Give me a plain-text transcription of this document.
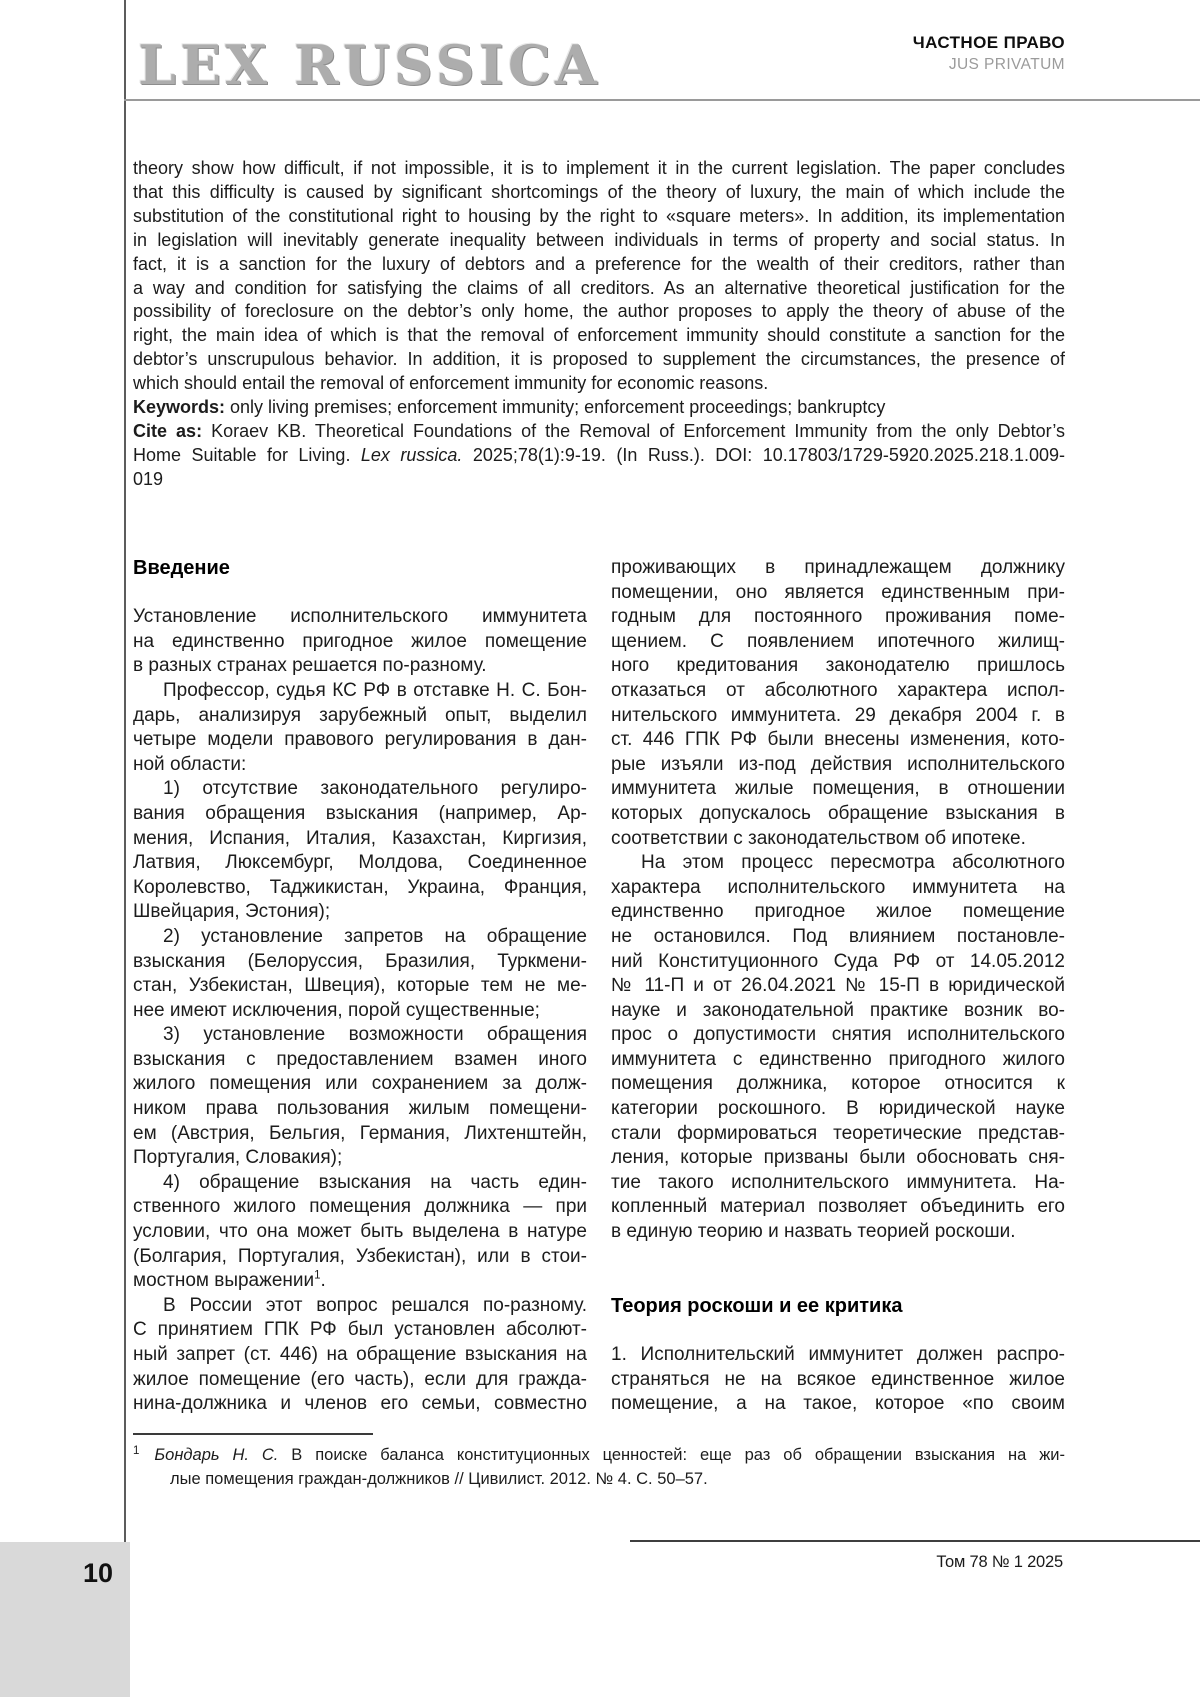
LEX RUSSICA	ЧАСТНОЕ ПРАВО
JUS PRIVATUM
theory show how difficult, if not impossible, it is to implement it in the current legislation. The paper concludes
that this difficulty is caused by significant shortcomings of the theory of luxury, the main of which include the
substitution of the constitutional right to housing by the right to «square meters». In addition, its implementation
in legislation will inevitably generate inequality between individuals in terms of property and social status. In
fact, it is a sanction for the luxury of debtors and a preference for the wealth of their creditors, rather than
a way and condition for satisfying the claims of all creditors. As an alternative theoretical justification for the
possibility of foreclosure on the debtor’s only home, the author proposes to apply the theory of abuse of the
right, the main idea of which is that the removal of enforcement immunity should constitute a sanction for the
debtor’s unscrupulous behavior. In addition, it is proposed to supplement the circumstances, the presence of
which should entail the removal of enforcement immunity for economic reasons.
Keywords: only living premises; enforcement immunity; enforcement proceedings; bankruptcy
Cite as: Koraev KB. Theoretical Foundations of the Removal of Enforcement Immunity from the only Debtor’s
Home Suitable for Living. Lex russica. 2025;78(1):9-19. (In Russ.). DOI: 10.17803/1729-5920.2025.218.1.009-
019
Введение

Установление исполнительского иммунитета
на единственно пригодное жилое помещение
в разных странах решается по-разному.
Профессор, судья КС РФ в отставке Н. С. Бон-
дарь, анализируя зарубежный опыт, выделил
четыре модели правового регулирования в дан-
ной области:
1) отсутствие законодательного регулиро-
вания обращения взыскания (например, Ар-
мения, Испания, Италия, Казахстан, Киргизия,
Латвия, Люксембург, Молдова, Соединенное
Королевство, Таджикистан, Украина, Франция,
Швейцария, Эстония);
2) установление запретов на обращение
взыскания (Белоруссия, Бразилия, Туркмени-
стан, Узбекистан, Швеция), которые тем не ме-
нее имеют исключения, порой существенные;
3) установление возможности обращения
взыскания с предоставлением взамен иного
жилого помещения или сохранением за долж-
ником права пользования жилым помещени-
ем (Австрия, Бельгия, Германия, Лихтенштейн,
Португалия, Словакия);
4) обращение взыскания на часть един-
ственного жилого помещения должника — при
условии, что она может быть выделена в натуре
(Болгария, Португалия, Узбекистан), или в стои-
мостном выражении$^1$.
В России этот вопрос решался по-разному.
С принятием ГПК РФ был установлен абсолют-
ный запрет (ст. 446) на обращение взыскания на
жилое помещение (его часть), если для гражда-
нина-должника и членов его семьи, совместно
проживающих в принадлежащем должнику
помещении, оно является единственным при-
годным для постоянного проживания поме-
щением. С появлением ипотечного жилищ-
ного кредитования законодателю пришлось
отказаться от абсолютного характера испол-
нительского иммунитета. 29 декабря 2004 г. в
ст. 446 ГПК РФ были внесены изменения, кото-
рые изъяли из-под действия исполнительского
иммунитета жилые помещения, в отношении
которых допускалось обращение взыскания в
соответствии с законодательством об ипотеке.
На этом процесс пересмотра абсолютного
характера исполнительского иммунитета на
единственно пригодное жилое помещение
не остановился. Под влиянием постановле-
ний Конституционного Суда РФ от 14.05.2012
№ 11-П и от 26.04.2021 № 15-П в юридической
науке и законодательной практике возник во-
прос о допустимости снятия исполнительского
иммунитета с единственно пригодного жилого
помещения должника, которое относится к
категории роскошного. В юридической науке
стали формироваться теоретические представ-
ления, которые призваны были обосновать сня-
тие такого исполнительского иммунитета. На-
копленный материал позволяет объединить его
в единую теорию и назвать теорией роскоши.

Теория роскоши и ее критика

1. Исполнительский иммунитет должен распро-
страняться не на всякое единственное жилое
помещение, а на такое, которое «по своим
$^1$ Бондарь Н. С. В поиске баланса конституционных ценностей: еще раз об обращении взыскания на жи-
лые помещения граждан-должников // Цивилист. 2012. № 4. С. 50–57.
10	Том 78 № 1 2025
